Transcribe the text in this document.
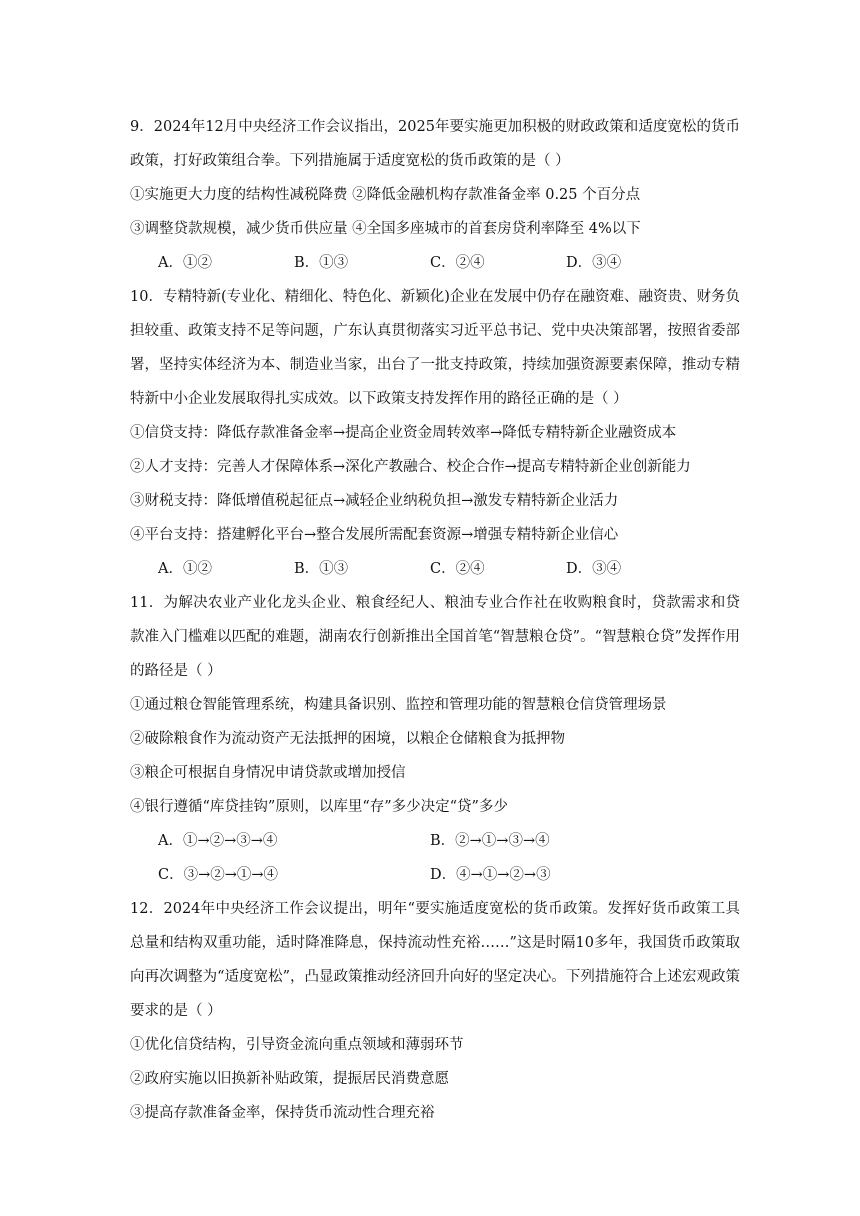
9．2024年12月中央经济工作会议指出，2025年要实施更加积极的财政政策和适度宽松的货币政策，打好政策组合拳。下列措施属于适度宽松的货币政策的是（ ）

①实施更大力度的结构性减税降费 ②降低金融机构存款准备金率 0.25 个百分点

③调整贷款规模，减少货币供应量 ④全国多座城市的首套房贷利率降至 4%以下

A．①②	B．①③	C．②④	D．③④

10．专精特新(专业化、精细化、特色化、新颖化)企业在发展中仍存在融资难、融资贵、财务负担较重、政策支持不足等问题，广东认真贯彻落实习近平总书记、党中央决策部署，按照省委部署，坚持实体经济为本、制造业当家，出台了一批支持政策，持续加强资源要素保障，推动专精特新中小企业发展取得扎实成效。以下政策支持发挥作用的路径正确的是（ ）

①信贷支持：降低存款准备金率→提高企业资金周转效率→降低专精特新企业融资成本

②人才支持：完善人才保障体系→深化产教融合、校企合作→提高专精特新企业创新能力

③财税支持：降低增值税起征点→减轻企业纳税负担→激发专精特新企业活力

④平台支持：搭建孵化平台→整合发展所需配套资源→增强专精特新企业信心

A．①②	B．①③	C．②④	D．③④

11．为解决农业产业化龙头企业、粮食经纪人、粮油专业合作社在收购粮食时，贷款需求和贷款准入门槛难以匹配的难题，湖南农行创新推出全国首笔“智慧粮仓贷”。“智慧粮仓贷”发挥作用的路径是（ ）

①通过粮仓智能管理系统，构建具备识别、监控和管理功能的智慧粮仓信贷管理场景

②破除粮食作为流动资产无法抵押的困境，以粮企仓储粮食为抵押物

③粮企可根据自身情况申请贷款或增加授信

④银行遵循“库贷挂钩”原则，以库里“存”多少决定“贷”多少

A．①→②→③→④	B．②→①→③→④
C．③→②→①→④	D．④→①→②→③

12．2024年中央经济工作会议提出，明年“要实施适度宽松的货币政策。发挥好货币政策工具总量和结构双重功能，适时降准降息，保持流动性充裕……”这是时隔10多年，我国货币政策取向再次调整为“适度宽松”，凸显政策推动经济回升向好的坚定决心。下列措施符合上述宏观政策要求的是（ ）

①优化信贷结构，引导资金流向重点领域和薄弱环节

②政府实施以旧换新补贴政策，提振居民消费意愿

③提高存款准备金率，保持货币流动性合理充裕
